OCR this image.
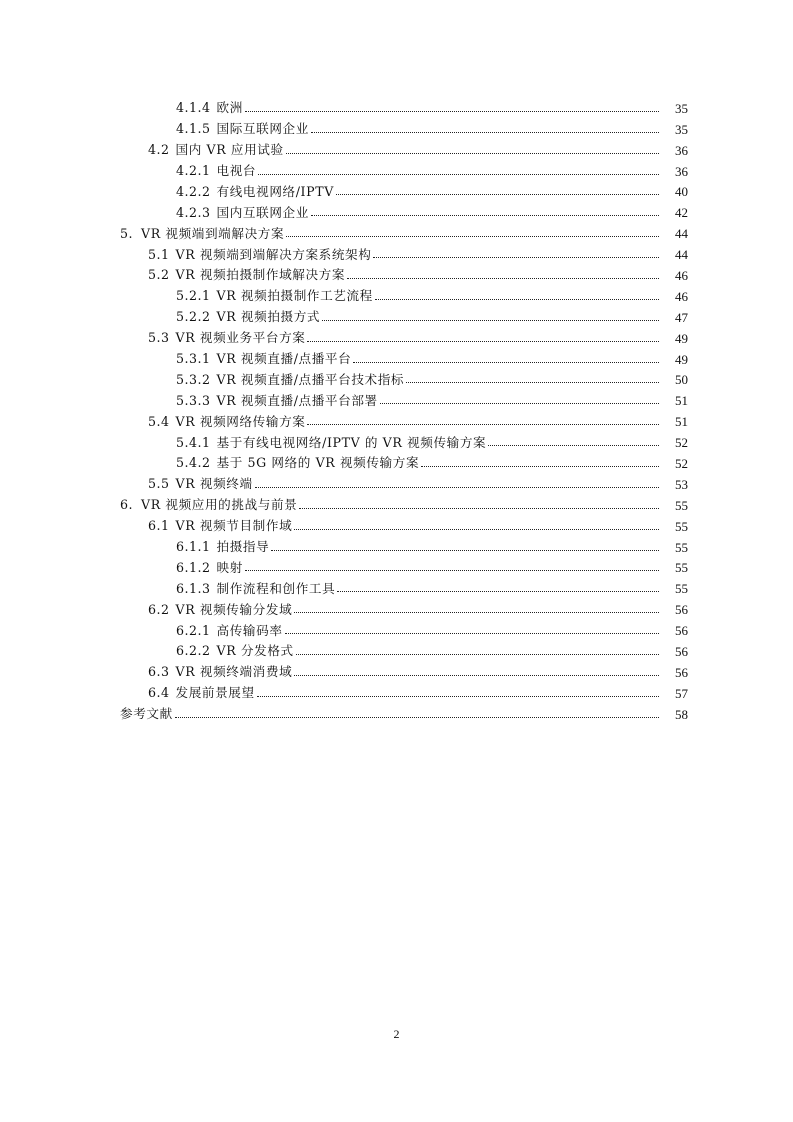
4.1.4 欧洲	35
4.1.5 国际互联网企业	35
4.2 国内 VR 应用试验	36
4.2.1 电视台	36
4.2.2 有线电视网络/IPTV	40
4.2.3 国内互联网企业	42
5. VR 视频端到端解决方案	44
5.1 VR 视频端到端解决方案系统架构	44
5.2 VR 视频拍摄制作域解决方案	46
5.2.1 VR 视频拍摄制作工艺流程	46
5.2.2 VR 视频拍摄方式	47
5.3 VR 视频业务平台方案	49
5.3.1 VR 视频直播/点播平台	49
5.3.2 VR 视频直播/点播平台技术指标	50
5.3.3 VR 视频直播/点播平台部署	51
5.4 VR 视频网络传输方案	51
5.4.1 基于有线电视网络/IPTV 的 VR 视频传输方案	52
5.4.2 基于 5G 网络的 VR 视频传输方案	52
5.5 VR 视频终端	53
6. VR 视频应用的挑战与前景	55
6.1 VR 视频节目制作域	55
6.1.1 拍摄指导	55
6.1.2 映射	55
6.1.3 制作流程和创作工具	55
6.2 VR 视频传输分发域	56
6.2.1 高传输码率	56
6.2.2 VR 分发格式	56
6.3 VR 视频终端消费域	56
6.4 发展前景展望	57
参考文献	58
2
